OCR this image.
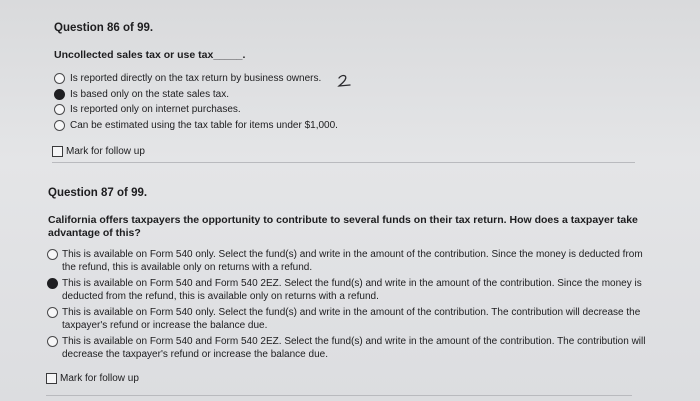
Question 86 of 99.
Uncollected sales tax or use tax_____.
Is reported directly on the tax return by business owners.
Is based only on the state sales tax.
Is reported only on internet purchases.
Can be estimated using the tax table for items under $1,000.
Mark for follow up
Question 87 of 99.
California offers taxpayers the opportunity to contribute to several funds on their tax return. How does a taxpayer take advantage of this?
This is available on Form 540 only. Select the fund(s) and write in the amount of the contribution. Since the money is deducted from the refund, this is available only on returns with a refund.
This is available on Form 540 and Form 540 2EZ. Select the fund(s) and write in the amount of the contribution. Since the money is deducted from the refund, this is available only on returns with a refund.
This is available on Form 540 only. Select the fund(s) and write in the amount of the contribution. The contribution will decrease the taxpayer's refund or increase the balance due.
This is available on Form 540 and Form 540 2EZ. Select the fund(s) and write in the amount of the contribution. The contribution will decrease the taxpayer's refund or increase the balance due.
Mark for follow up
